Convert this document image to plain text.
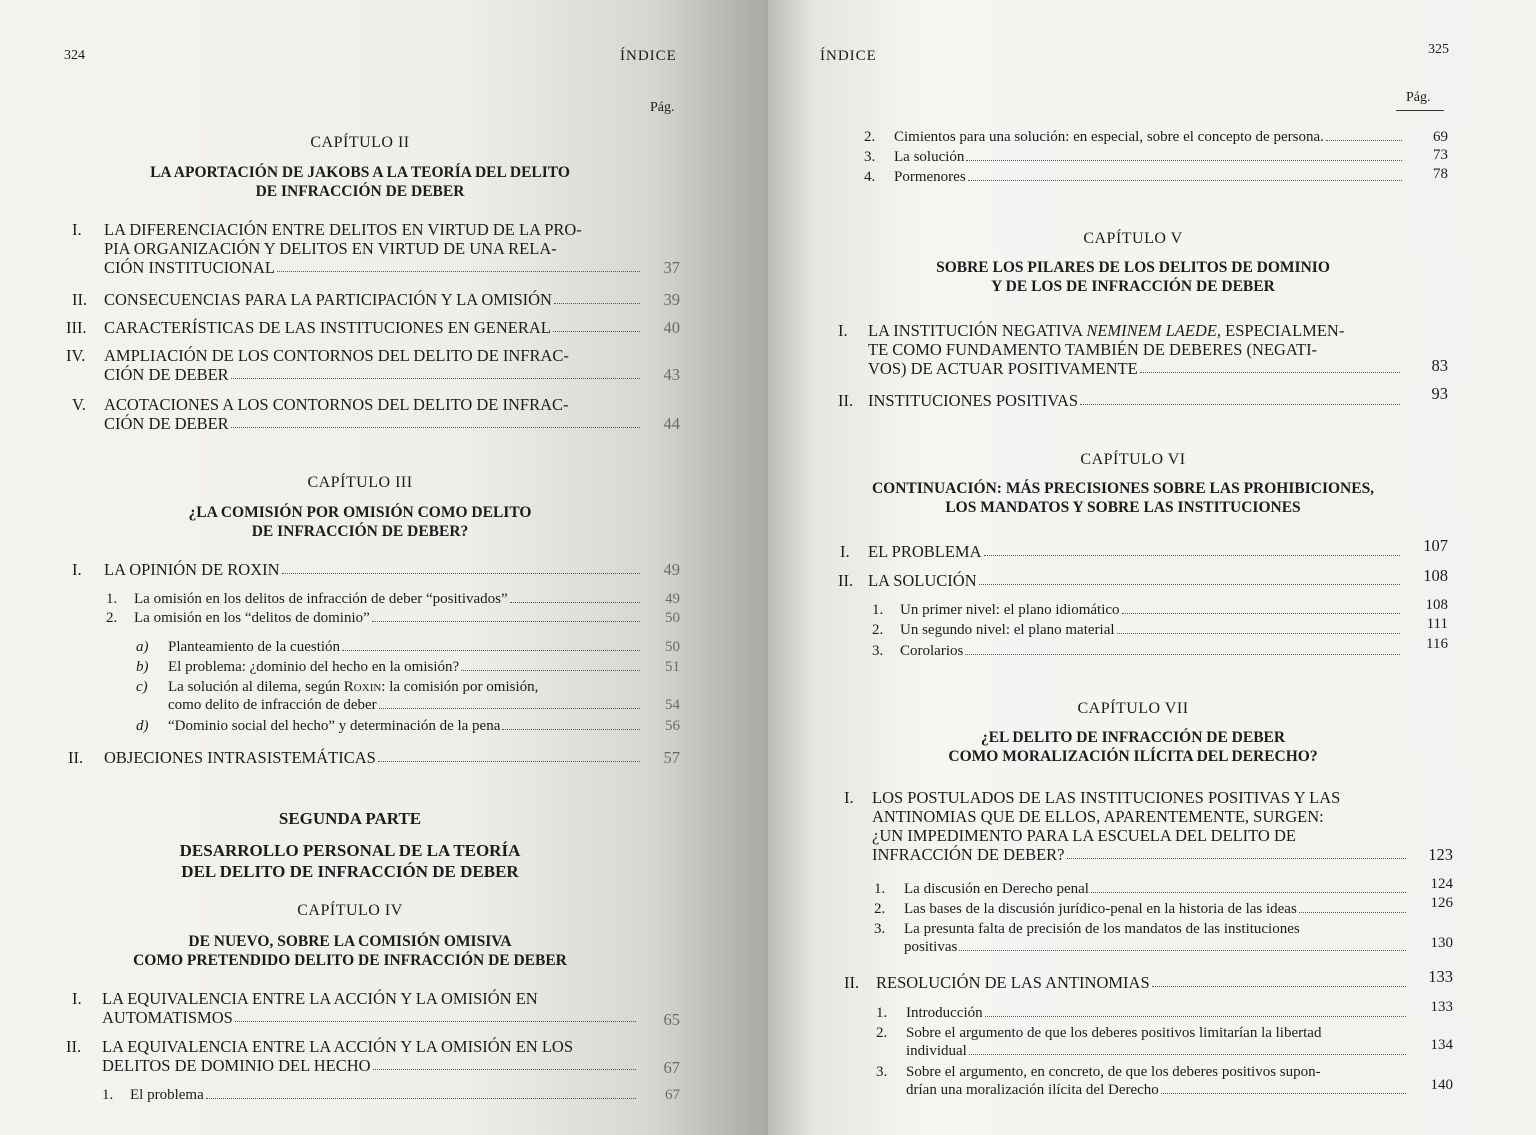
324	ÍNDICE
Pág.
CAPÍTULO II
LA APORTACIÓN DE JAKOBS A LA TEORÍA DEL DELITO
DE INFRACCIÓN DE DEBER
I.	LA DIFERENCIACIÓN ENTRE DELITOS EN VIRTUD DE LA PRO-
PIA ORGANIZACIÓN Y DELITOS EN VIRTUD DE UNA RELA-
CIÓN INSTITUCIONAL	37
II.	CONSECUENCIAS PARA LA PARTICIPACIÓN Y LA OMISIÓN	39
III.	CARACTERÍSTICAS DE LAS INSTITUCIONES EN GENERAL	40
IV.	AMPLIACIÓN DE LOS CONTORNOS DEL DELITO DE INFRAC-
CIÓN DE DEBER	43
V.	ACOTACIONES A LOS CONTORNOS DEL DELITO DE INFRAC-
CIÓN DE DEBER	44
CAPÍTULO III
¿LA COMISIÓN POR OMISIÓN COMO DELITO
DE INFRACCIÓN DE DEBER?
I.	LA OPINIÓN DE ROXIN	49
1.	La omisión en los delitos de infracción de deber “positivados”	49
2.	La omisión en los “delitos de dominio”	50
a)	Planteamiento de la cuestión	50
b)	El problema: ¿dominio del hecho en la omisión?	51
c)	La solución al dilema, según Roxin: la comisión por omisión,
como delito de infracción de deber	54
d)	“Dominio social del hecho” y determinación de la pena	56
II.	OBJECIONES INTRASISTEMÁTICAS	57
SEGUNDA PARTE
DESARROLLO PERSONAL DE LA TEORÍA
DEL DELITO DE INFRACCIÓN DE DEBER
CAPÍTULO IV
DE NUEVO, SOBRE LA COMISIÓN OMISIVA
COMO PRETENDIDO DELITO DE INFRACCIÓN DE DEBER
I.	LA EQUIVALENCIA ENTRE LA ACCIÓN Y LA OMISIÓN EN
AUTOMATISMOS	65
II.	LA EQUIVALENCIA ENTRE LA ACCIÓN Y LA OMISIÓN EN LOS
DELITOS DE DOMINIO DEL HECHO	67
1.	El problema	67
ÍNDICE	325
Pág.
2.	Cimientos para una solución: en especial, sobre el concepto de persona.	69
3.	La solución	73
4.	Pormenores	78
CAPÍTULO V
SOBRE LOS PILARES DE LOS DELITOS DE DOMINIO
Y DE LOS DE INFRACCIÓN DE DEBER
I.	LA INSTITUCIÓN NEGATIVA NEMINEM LAEDE, ESPECIALMEN-
TE COMO FUNDAMENTO TAMBIÉN DE DEBERES (NEGATI-
VOS) DE ACTUAR POSITIVAMENTE	83
II. INSTITUCIONES POSITIVAS	93
CAPÍTULO VI
CONTINUACIÓN: MÁS PRECISIONES SOBRE LAS PROHIBICIONES,
LOS MANDATOS Y SOBRE LAS INSTITUCIONES
I.	EL PROBLEMA	107
II. LA SOLUCIÓN	108
1.	Un primer nivel: el plano idiomático	108
2.	Un segundo nivel: el plano material	111
3.	Corolarios	116
CAPÍTULO VII
¿EL DELITO DE INFRACCIÓN DE DEBER
COMO MORALIZACIÓN ILÍCITA DEL DERECHO?
I.	LOS POSTULADOS DE LAS INSTITUCIONES POSITIVAS Y LAS
ANTINOMIAS QUE DE ELLOS, APARENTEMENTE, SURGEN:
¿UN IMPEDIMENTO PARA LA ESCUELA DEL DELITO DE
INFRACCIÓN DE DEBER?	123
1.	La discusión en Derecho penal	124
2.	Las bases de la discusión jurídico-penal en la historia de las ideas	126
3.	La presunta falta de precisión de los mandatos de las instituciones
positivas	130
II.	RESOLUCIÓN DE LAS ANTINOMIAS	133
1.	Introducción	133
2.	Sobre el argumento de que los deberes positivos limitarían la libertad
individual	134
3.	Sobre el argumento, en concreto, de que los deberes positivos supon-
drían una moralización ilícita del Derecho	140
